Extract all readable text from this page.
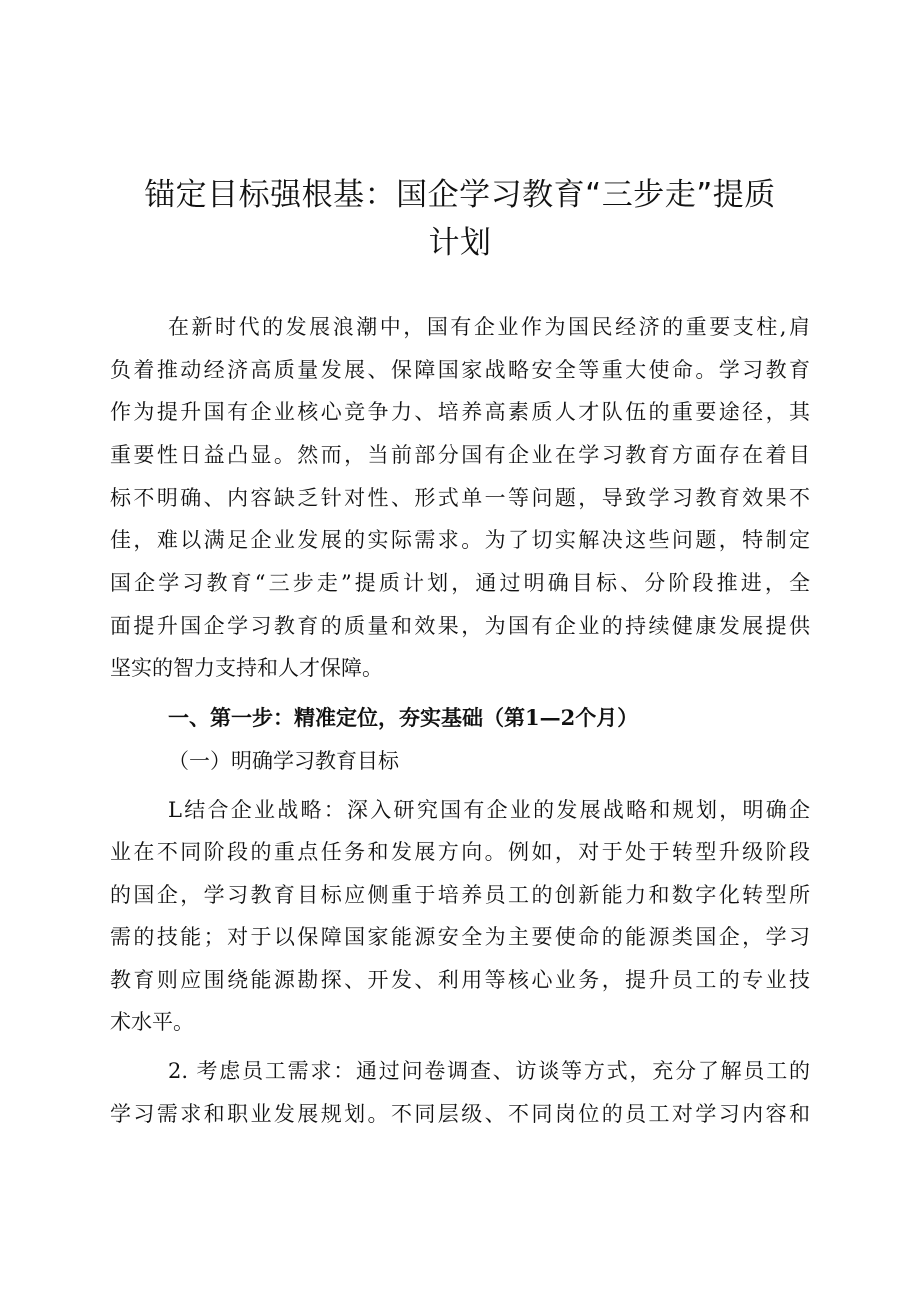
锚定目标强根基：国企学习教育“三步走”提质
计划
在新时代的发展浪潮中，国有企业作为国民经济的重要支柱,肩
负着推动经济高质量发展、保障国家战略安全等重大使命。学习教育
作为提升国有企业核心竞争力、培养高素质人才队伍的重要途径，其
重要性日益凸显。然而，当前部分国有企业在学习教育方面存在着目
标不明确、内容缺乏针对性、形式单一等问题，导致学习教育效果不
佳，难以满足企业发展的实际需求。为了切实解决这些问题，特制定
国企学习教育“三步走”提质计划，通过明确目标、分阶段推进，全
面提升国企学习教育的质量和效果，为国有企业的持续健康发展提供
坚实的智力支持和人才保障。
一、第一步：精准定位，夯实基础（第1—2个月）
（一）明确学习教育目标
L结合企业战略：深入研究国有企业的发展战略和规划，明确企
业在不同阶段的重点任务和发展方向。例如，对于处于转型升级阶段
的国企，学习教育目标应侧重于培养员工的创新能力和数字化转型所
需的技能；对于以保障国家能源安全为主要使命的能源类国企，学习
教育则应围绕能源勘探、开发、利用等核心业务，提升员工的专业技
术水平。
2. 考虑员工需求：通过问卷调查、访谈等方式，充分了解员工的
学习需求和职业发展规划。不同层级、不同岗位的员工对学习内容和
